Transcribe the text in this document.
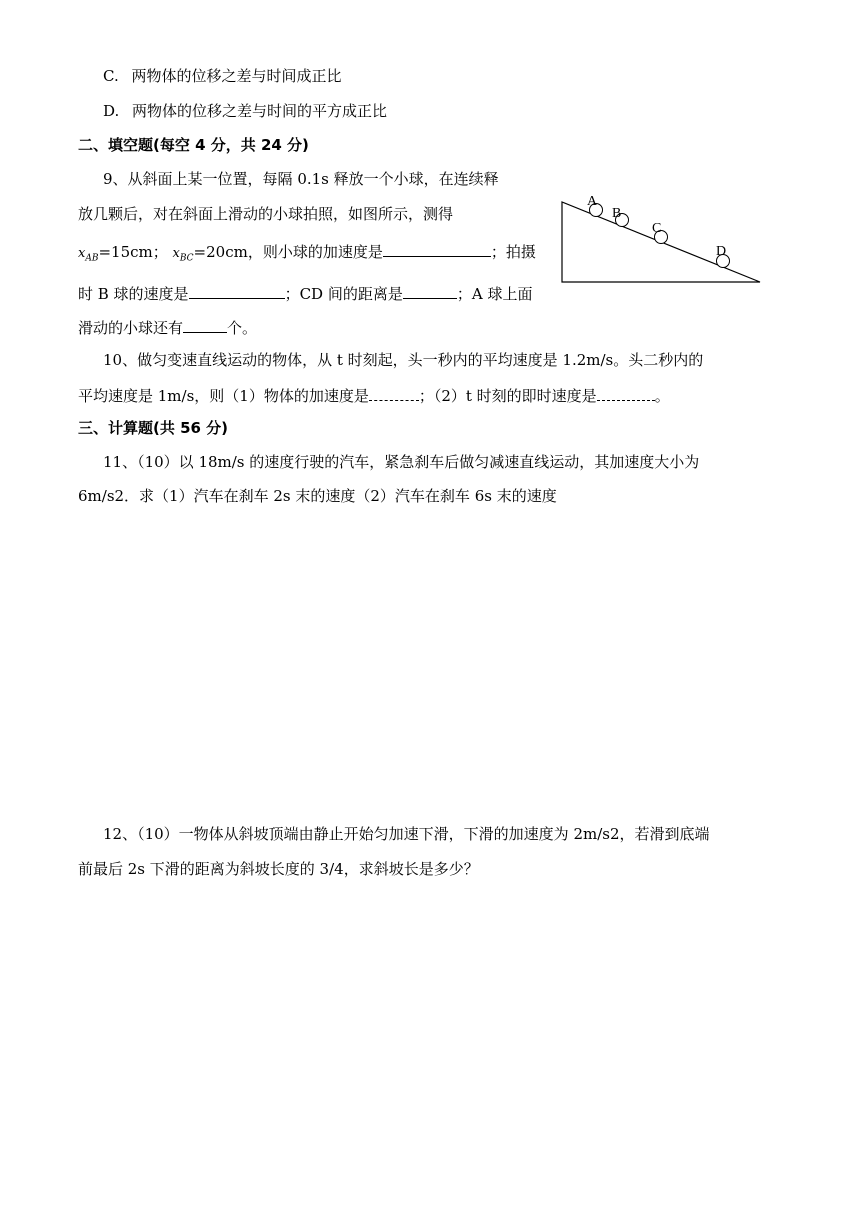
C. 两物体的位移之差与时间成正比
D. 两物体的位移之差与时间的平方成正比
二、填空题(每空 4 分，共 24 分)
9、从斜面上某一位置，每隔 0.1s 释放一个小球，在连续释
放几颗后，对在斜面上滑动的小球拍照，如图所示，测得
$x_{AB}=15cm$； $x_{BC}=20cm$，则小球的加速度是	；拍摄
时 B 球的速度是	；CD 间的距离是	；A 球上面
滑动的小球还有	个。
A
B
C
D
10、做匀变速直线运动的物体，从 t 时刻起，头一秒内的平均速度是 1.2m/s。头二秒内的
平均速度是 1m/s，则（1）物体的加速度是	；（2）t 时刻的即时速度是	。
三、计算题(共 56 分)
11、（10）以 18m/s 的速度行驶的汽车，紧急刹车后做匀减速直线运动，其加速度大小为
6m/s2．求（1）汽车在刹车 2s 末的速度（2）汽车在刹车 6s 末的速度
12、（10）一物体从斜坡顶端由静止开始匀加速下滑，下滑的加速度为 2m/s2，若滑到底端
前最后 2s 下滑的距离为斜坡长度的 3/4，求斜坡长是多少？
